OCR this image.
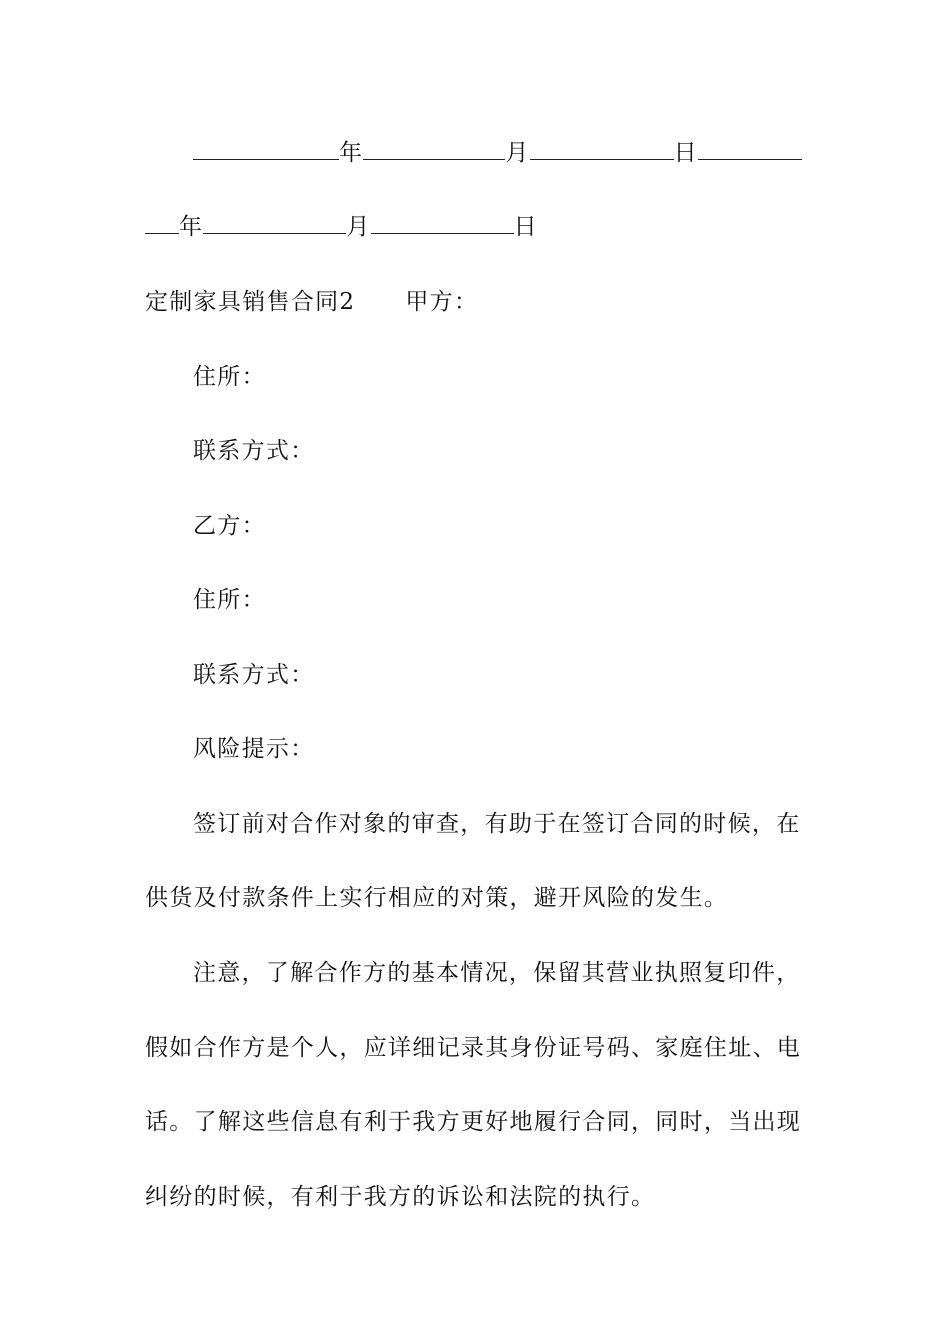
年	月	日
年	月	日
定制家具销售合同2 甲方：
住所：
联系方式：
乙方：
住所：
联系方式：
风险提示：
签订前对合作对象的审查，有助于在签订合同的时候，在
供货及付款条件上实行相应的对策，避开风险的发生。
注意，了解合作方的基本情况，保留其营业执照复印件，
假如合作方是个人，应详细记录其身份证号码、家庭住址、电
话。了解这些信息有利于我方更好地履行合同，同时，当出现
纠纷的时候，有利于我方的诉讼和法院的执行。
